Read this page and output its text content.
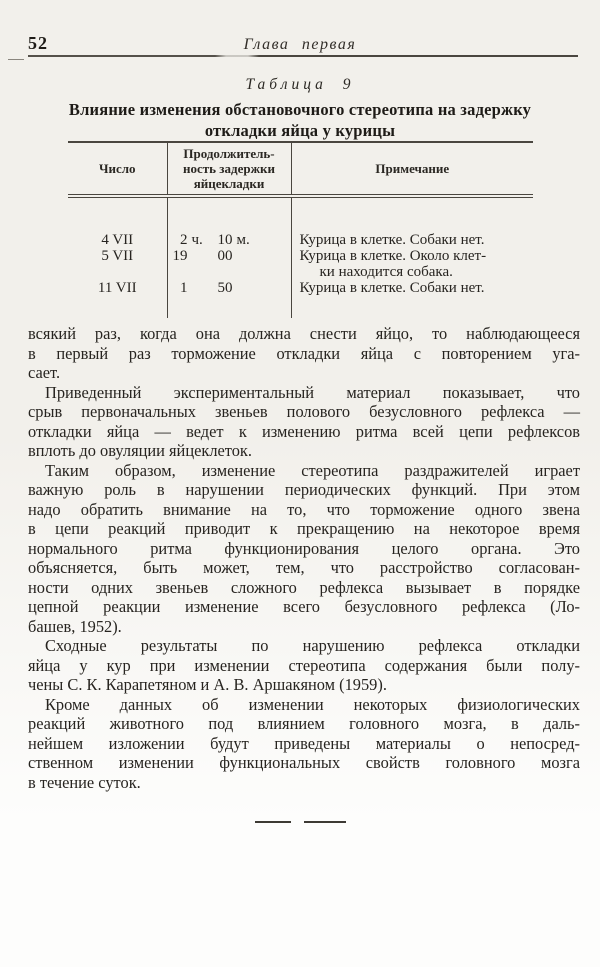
52	Глава первая
Таблица 9
Влияние изменения обстановочного стереотипа на задержку
откладки яйца у курицы
Число	Продолжитель-
ность задержки
яйцекладки	Примечание

4 VII	2 ч. 10 м.	Курица в клетке. Собаки нет.

5 VII	19 00	Курица в клетке. Около клет-
ки находится собака.

11 VII	1 50	Курица в клетке. Собаки нет.
всякий раз, когда она должна снести яйцо, то наблюдающееся
в первый раз торможение откладки яйца с повторением уга-
сает.
Приведенный экспериментальный материал показывает, что
срыв первоначальных звеньев полового безусловного рефлекса —
откладки яйца — ведет к изменению ритма всей цепи рефлексов
вплоть до овуляции яйцеклеток.
Таким образом, изменение стереотипа раздражителей играет
важную роль в нарушении периодических функций. При этом
надо обратить внимание на то, что торможение одного звена
в цепи реакций приводит к прекращению на некоторое время
нормального ритма функционирования целого органа. Это
объясняется, быть может, тем, что расстройство согласован-
ности одних звеньев сложного рефлекса вызывает в порядке
цепной реакции изменение всего безусловного рефлекса (Ло-
башев, 1952).
Сходные результаты по нарушению рефлекса откладки
яйца у кур при изменении стереотипа содержания были полу-
чены С. К. Карапетяном и А. В. Аршакяном (1959).
Кроме данных об изменении некоторых физиологических
реакций животного под влиянием головного мозга, в даль-
нейшем изложении будут приведены материалы о непосред-
ственном изменении функциональных свойств головного мозга
в течение суток.
